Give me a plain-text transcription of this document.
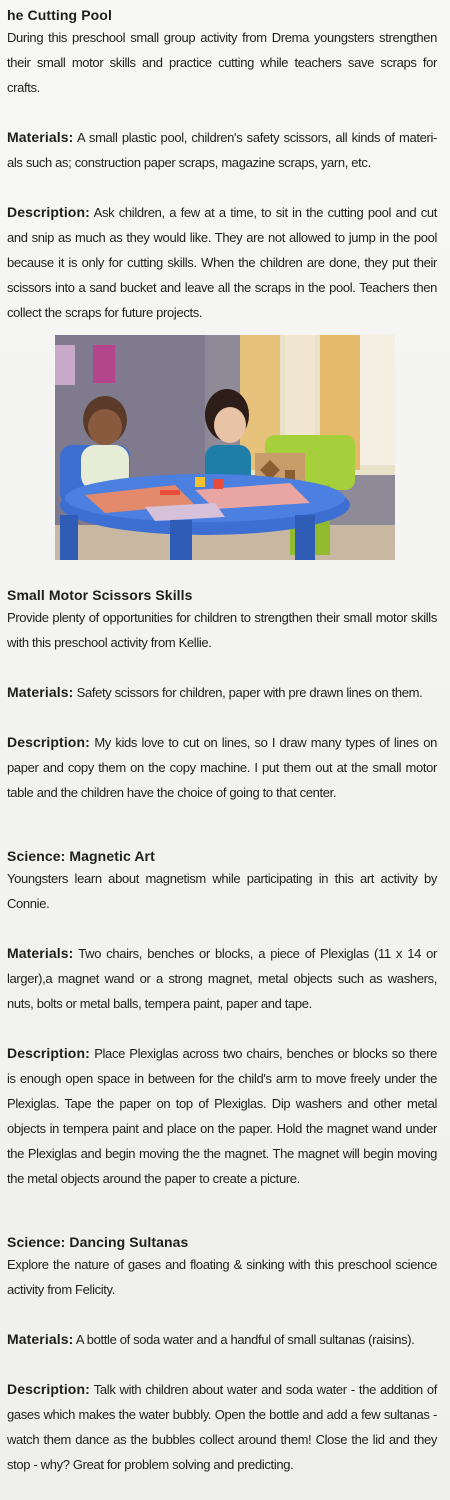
he Cutting Pool

During this preschool small group activity from Drema youngsters strengthen their small motor skills and practice cutting while teachers save scraps for crafts.

Materials: A small plastic pool, children's safety scissors, all kinds of materi-als such as; construction paper scraps, magazine scraps, yarn, etc.

Description: Ask children, a few at a time, to sit in the cutting pool and cut and snip as much as they would like. They are not allowed to jump in the pool because it is only for cutting skills. When the children are done, they put their scissors into a sand bucket and leave all the scraps in the pool. Teachers then collect the scraps for future projects.

Small Motor Scissors Skills

Provide plenty of opportunities for children to strengthen their small motor skills with this preschool activity from Kellie.

Materials: Safety scissors for children, paper with pre drawn lines on them.

Description: My kids love to cut on lines, so I draw many types of lines on paper and copy them on the copy machine. I put them out at the small motor table and the children have the choice of going to that center.

Science: Magnetic Art

Youngsters learn about magnetism while participating in this art activity by Connie.

Materials: Two chairs, benches or blocks, a piece of Plexiglas (11 x 14 or larger),a magnet wand or a strong magnet, metal objects such as washers, nuts, bolts or metal balls, tempera paint, paper and tape.

Description: Place Plexiglas across two chairs, benches or blocks so there is enough open space in between for the child's arm to move freely under the Plexiglas. Tape the paper on top of Plexiglas. Dip washers and other metal objects in tempera paint and place on the paper. Hold the magnet wand under the Plexiglas and begin moving the the magnet. The magnet will begin moving the metal objects around the paper to create a picture.

Science: Dancing Sultanas

Explore the nature of gases and floating & sinking with this preschool science activity from Felicity.

Materials: A bottle of soda water and a handful of small sultanas (raisins).

Description: Talk with children about water and soda water - the addition of gases which makes the water bubbly. Open the bottle and add a few sultanas - watch them dance as the bubbles collect around them! Close the lid and they stop - why? Great for problem solving and predicting.
